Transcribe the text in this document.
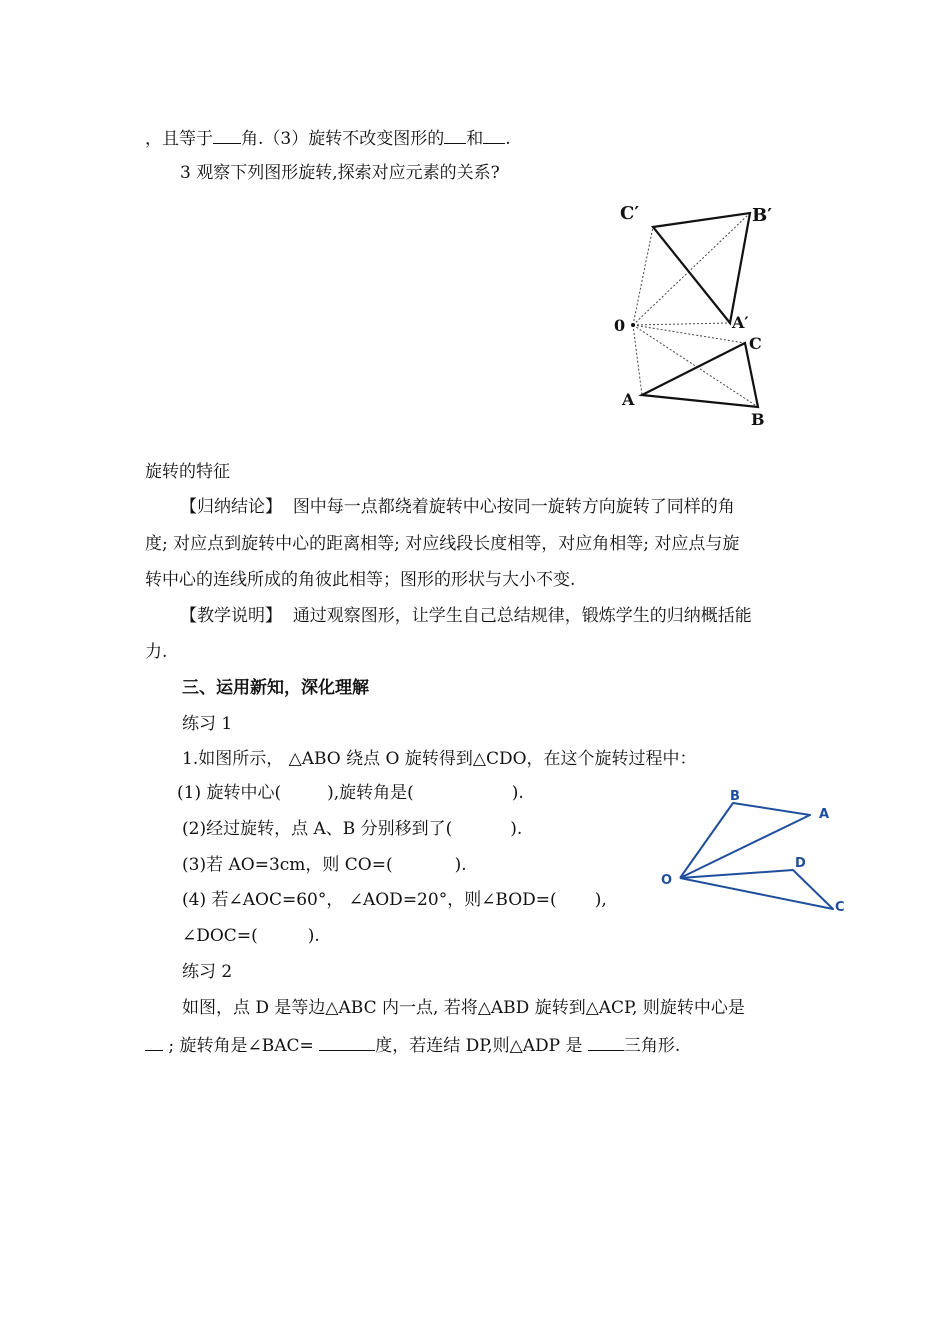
，且等于 角.（3）旋转不改变图形的 和 .
3 观察下列图形旋转,探索对应元素的关系?
C′	B′
A′
0
C
A
B
旋转的特征
【归纳结论】 图中每一点都绕着旋转中心按同一旋转方向旋转了同样的角
度; 对应点到旋转中心的距离相等; 对应线段长度相等，对应角相等; 对应点与旋
转中心的连线所成的角彼此相等；图形的形状与大小不变.
【教学说明】 通过观察图形，让学生自己总结规律，锻炼学生的归纳概括能
力.
三、运用新知，深化理解
练习 1
1.如图所示， △ABO 绕点 O 旋转得到△CDO，在这个旋转过程中：
(1) 旋转中心(	),旋转角是(	).
(2)经过旋转，点 A、B 分别移到了(	).
(3)若 AO=3cm，则 CO=(	).
(4) 若∠AOC=60°， ∠AOD=20°，则∠BOD=( ),
∠DOC=(	).
B
A
O
D
C
练习 2
如图，点 D 是等边△ABC 内一点, 若将△ABD 旋转到△ACP, 则旋转中心是
; 旋转角是∠BAC=	度，若连结 DP,则△ADP 是 三角形.
